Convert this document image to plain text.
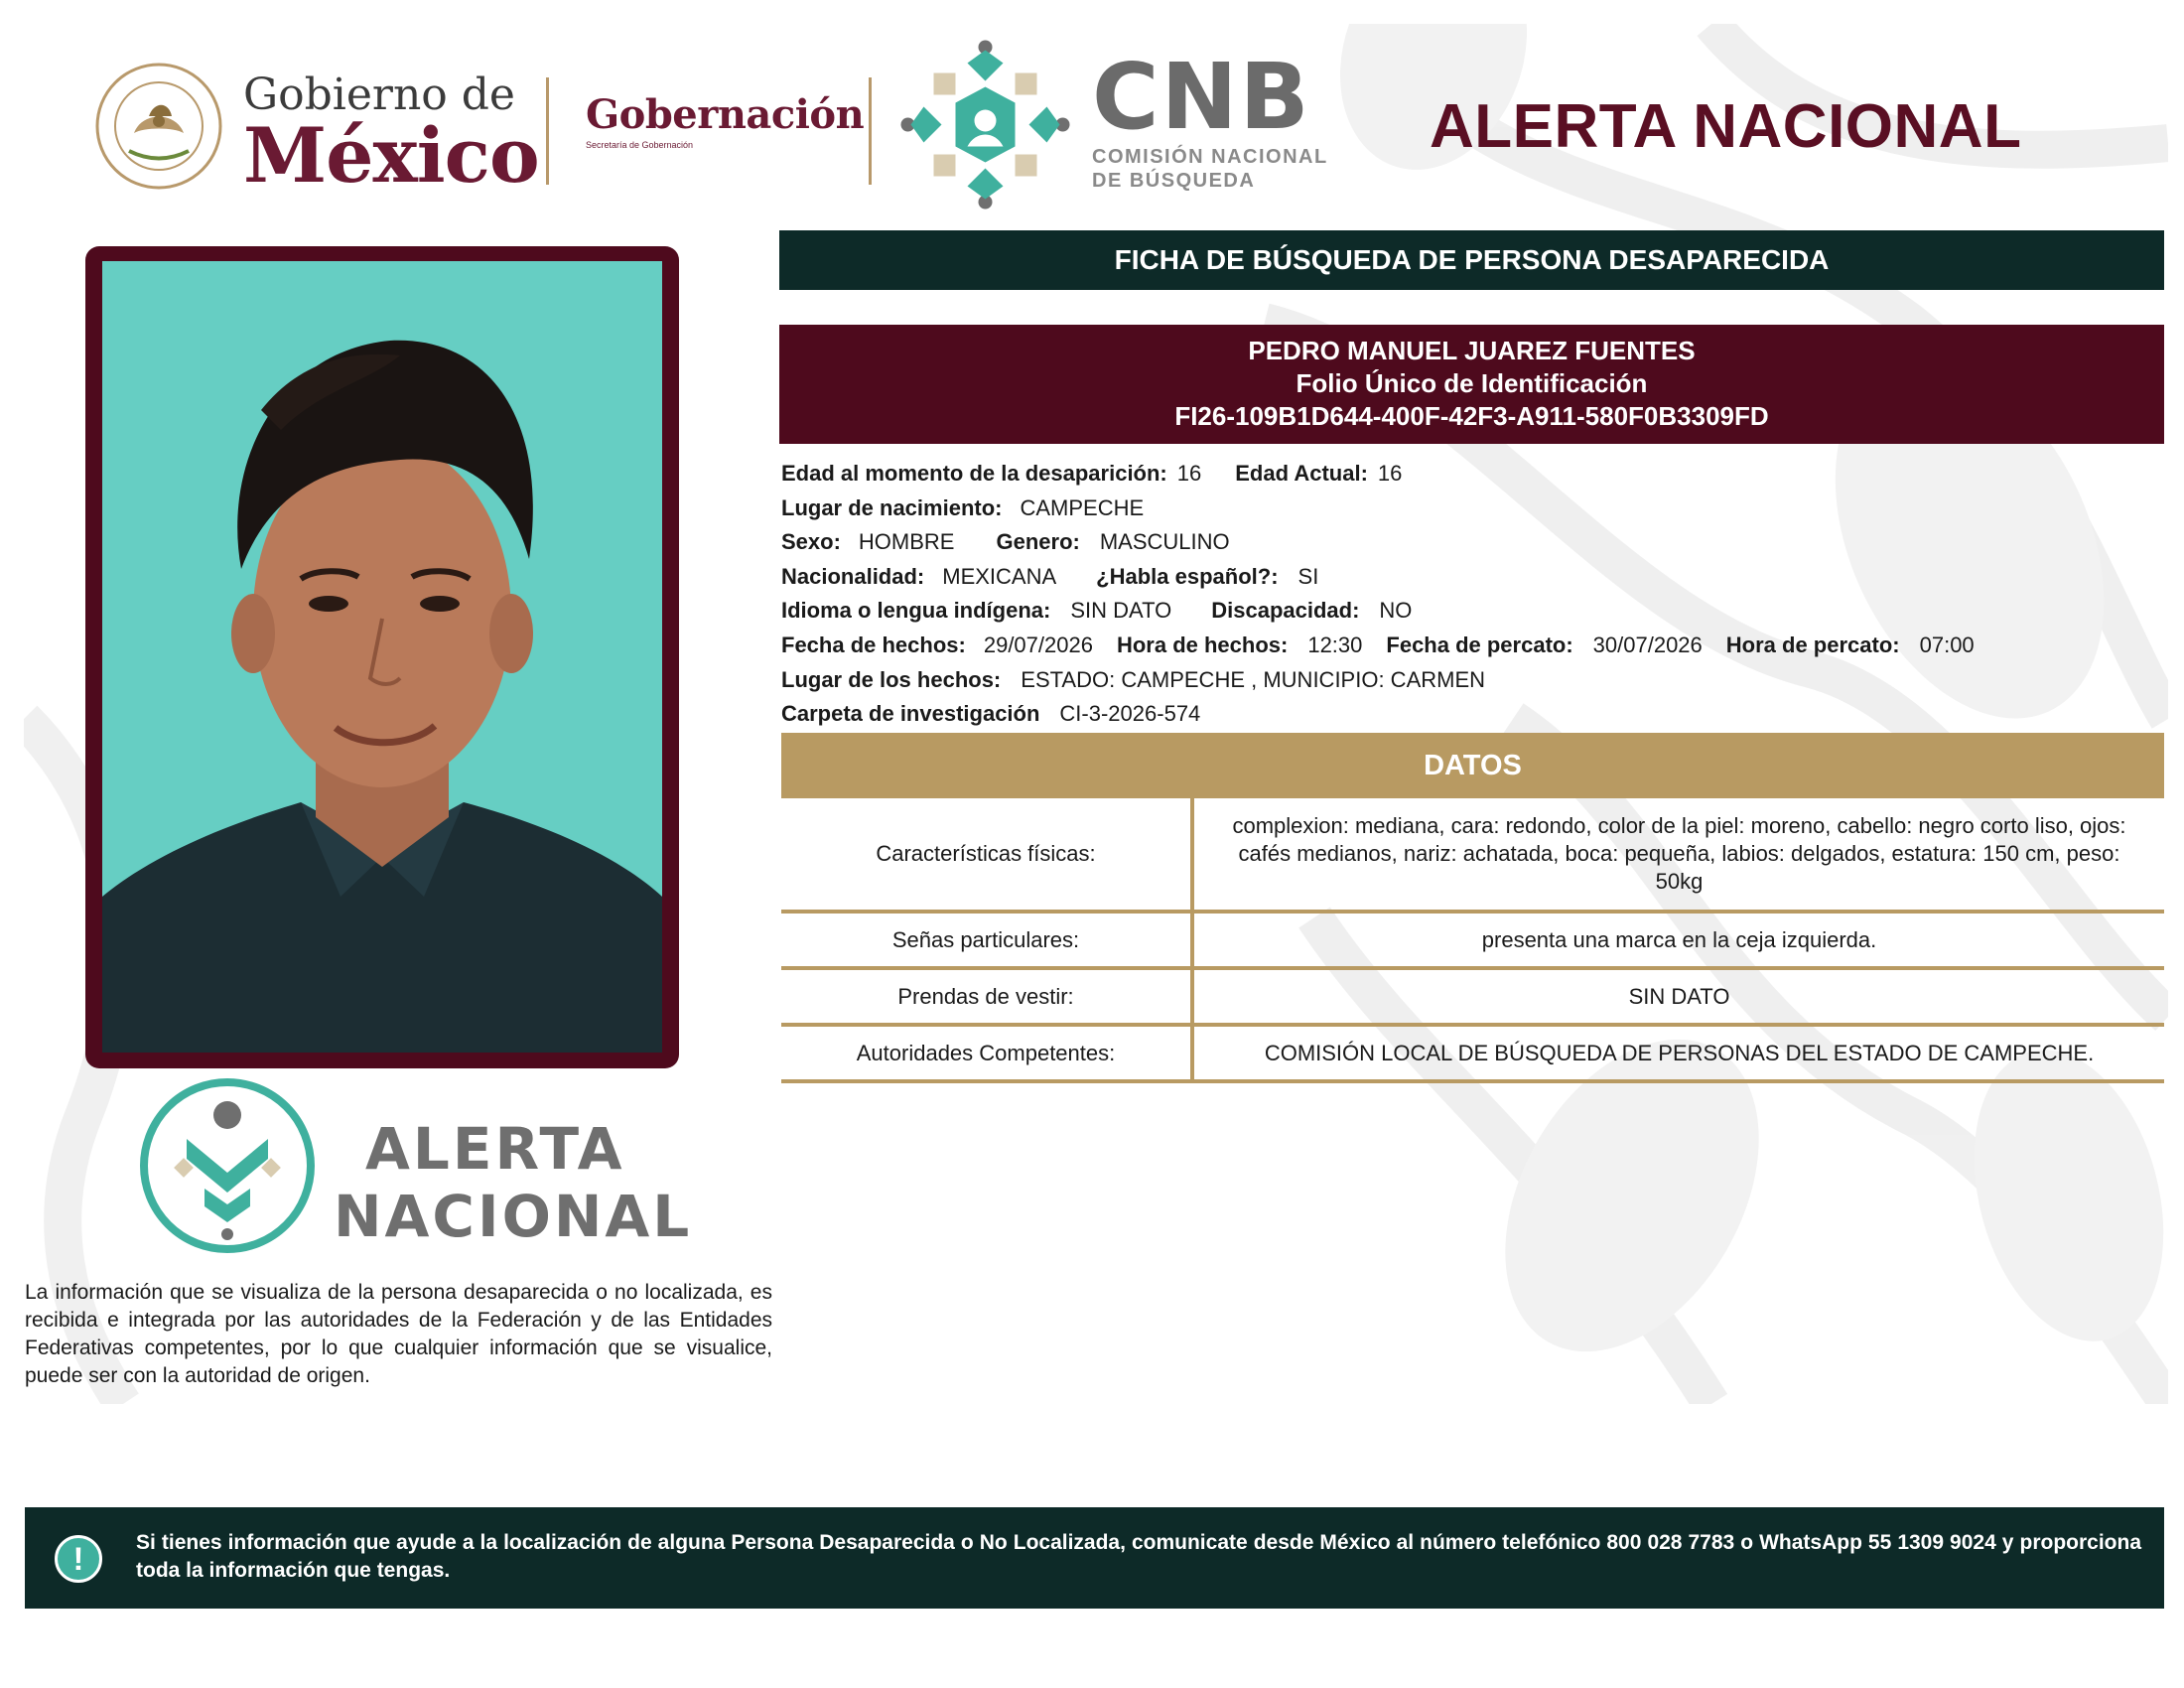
Gobierno de
México Gobernación
Secretaría de Gobernación	CNB
COMISIÓN NACIONAL
DE BÚSQUEDA
ALERTA NACIONAL
FICHA DE BÚSQUEDA DE PERSONA DESAPARECIDA
PEDRO MANUEL JUAREZ FUENTES
Folio Único de Identificación
FI26-109B1D644-400F-42F3-A911-580F0B3309FD
Edad al momento de la desaparición: 16 Edad Actual: 16
Lugar de nacimiento: CAMPECHE
Sexo: HOMBRE Genero: MASCULINO
Nacionalidad: MEXICANA ¿Habla español?: SI
Idioma o lengua indígena: SIN DATO Discapacidad: NO
Fecha de hechos: 29/07/2026 Hora de hechos: 12:30 Fecha de percato: 30/07/2026 Hora de percato: 07:00
Lugar de los hechos: ESTADO: CAMPECHE , MUNICIPIO: CARMEN
Carpeta de investigación CI-3-2026-574
DATOS
Características físicas:
complexion: mediana, cara: redondo, color de la piel: moreno, cabello: negro corto liso, ojos: cafés medianos, nariz: achatada, boca: pequeña, labios: delgados, estatura: 150 cm, peso: 50kg
Señas particulares:	presenta una marca en la ceja izquierda.
Prendas de vestir:	SIN DATO
Autoridades Competentes:	COMISIÓN LOCAL DE BÚSQUEDA DE PERSONAS DEL ESTADO DE CAMPECHE.
ALERTA
NACIONAL
La información que se visualiza de la persona desaparecida o no localizada, es recibida e integrada por las autoridades de la Federación y de las Entidades Federativas competentes, por lo que cualquier información que se visualice, puede ser con la autoridad de origen.
!	Si tienes información que ayude a la localización de alguna Persona Desaparecida o No Localizada, comunicate desde México al número telefónico 800 028 7783 o WhatsApp 55 1309 9024 y proporciona toda la información que tengas.
